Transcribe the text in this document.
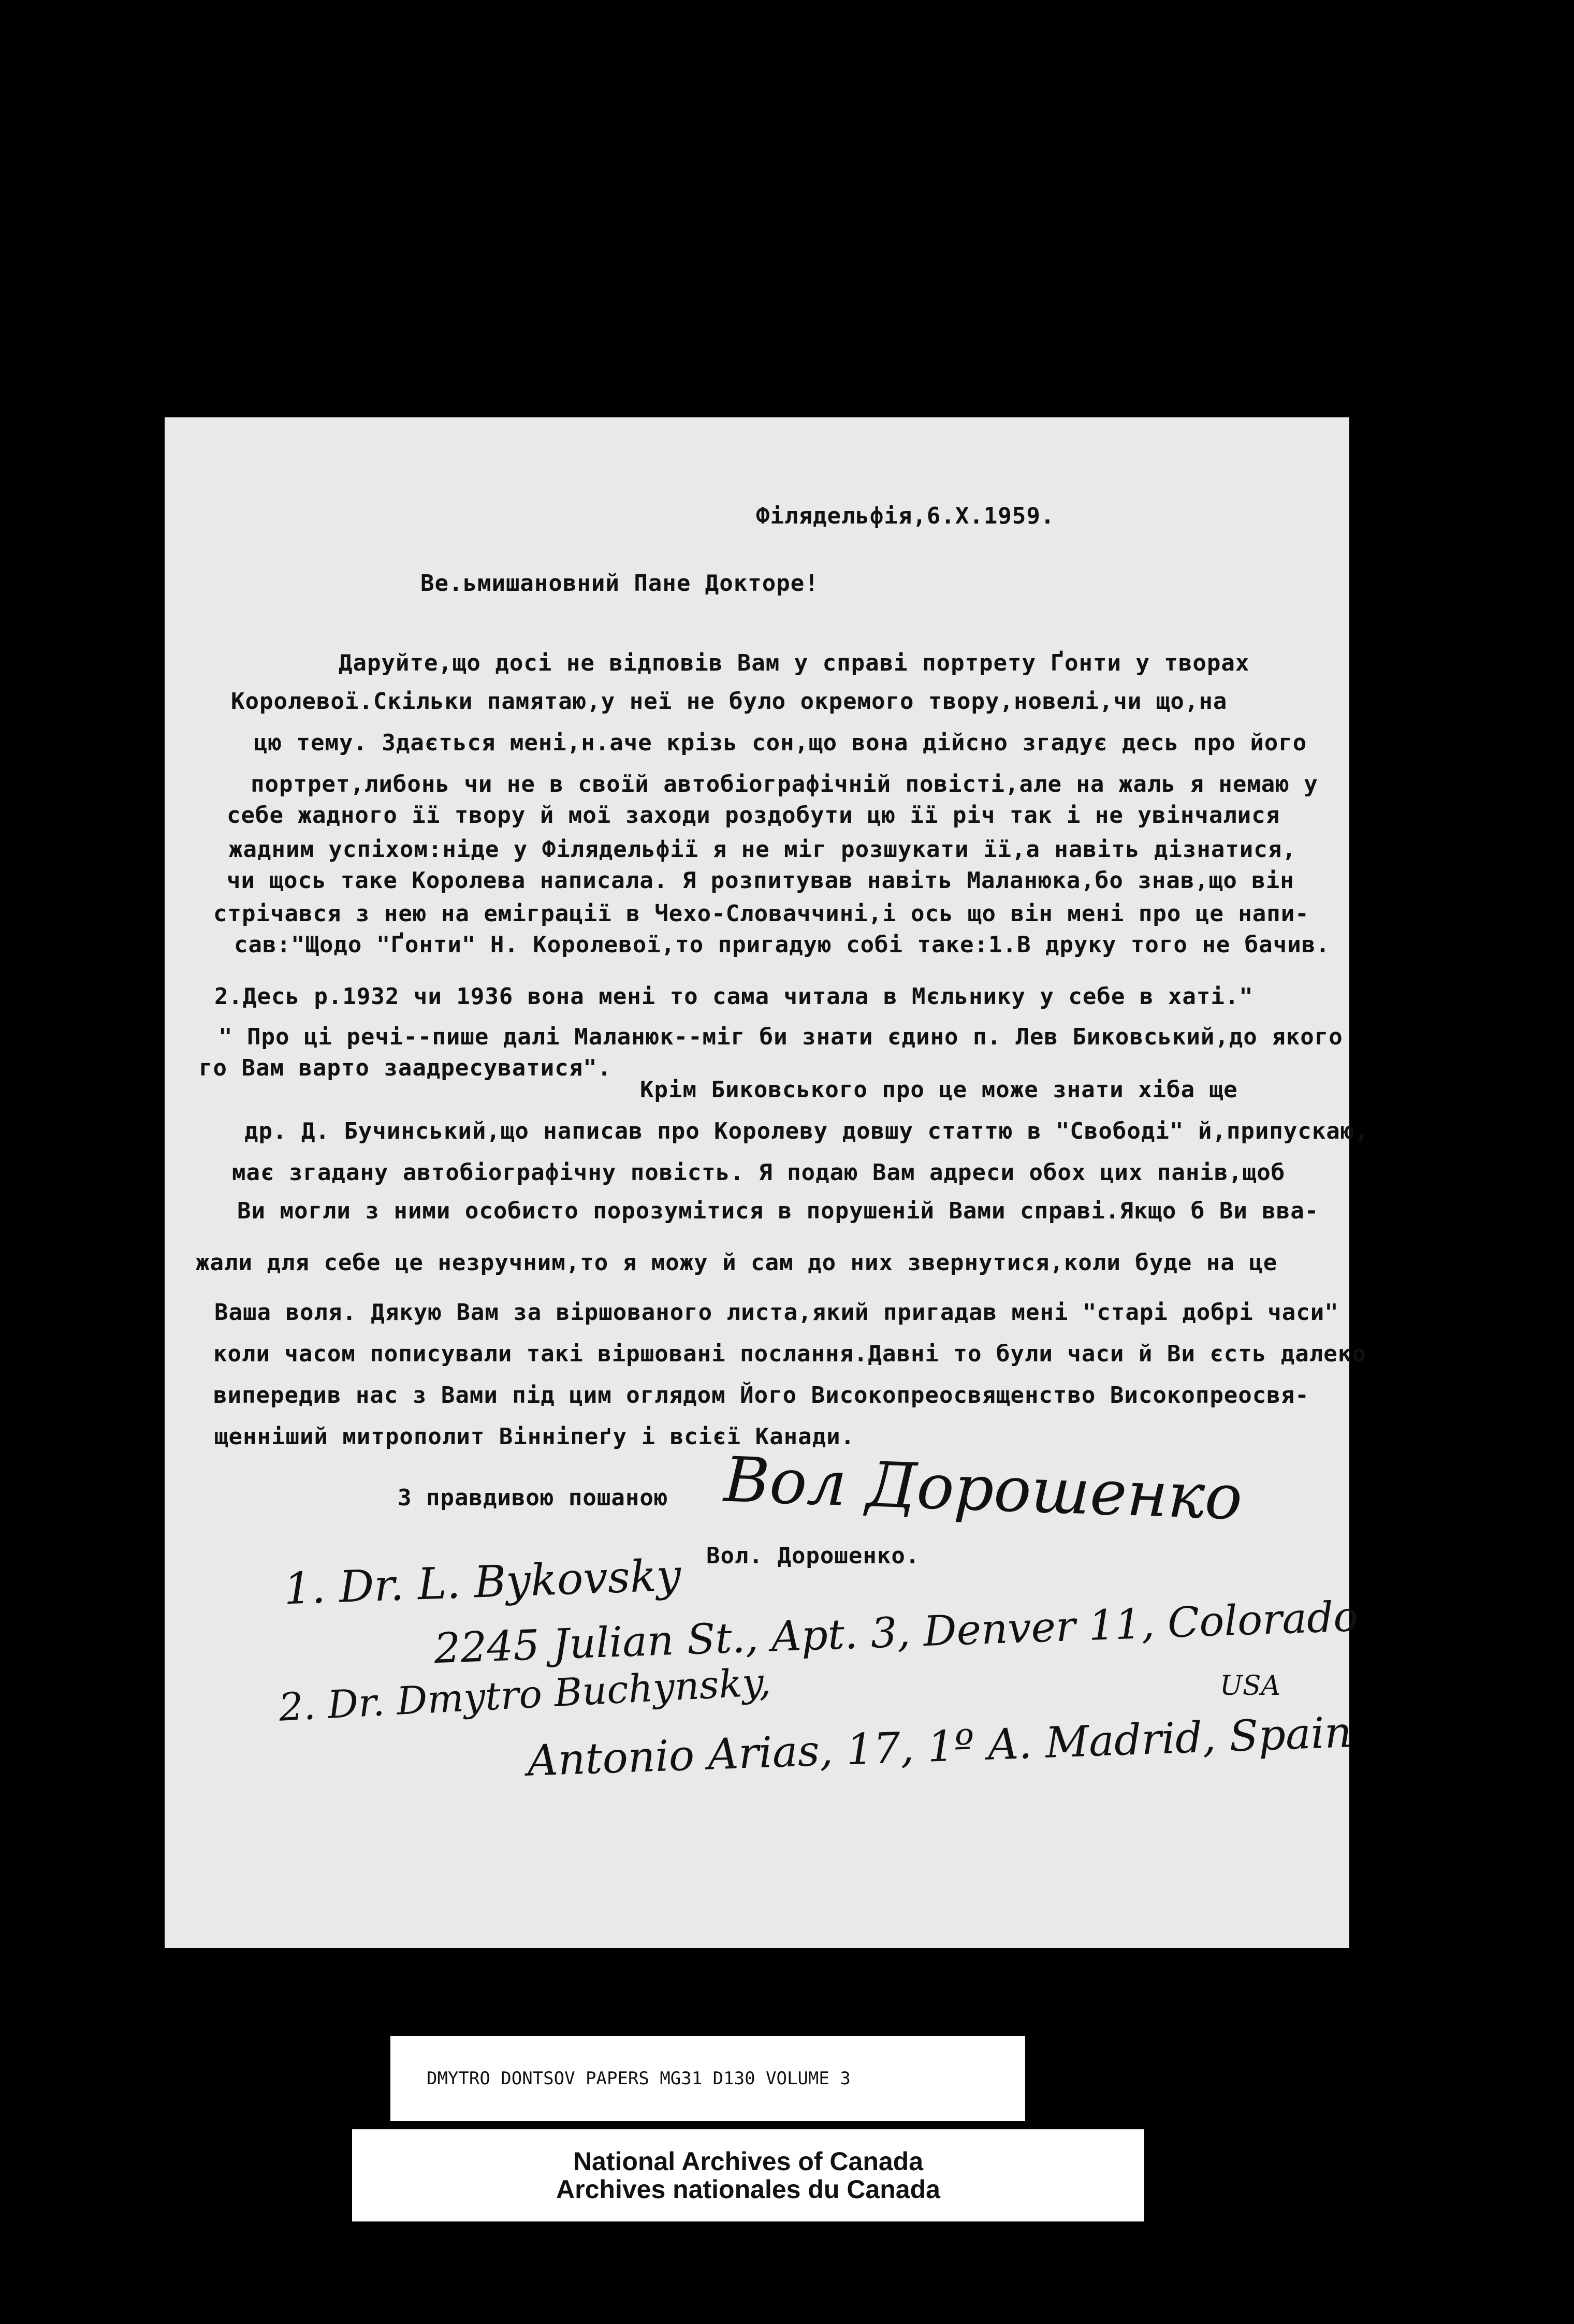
Філядельфія,6.Х.1959.
Ве.ьмишановний Пане Докторе!
Даруйте,що досі не відповів Вам у справі портрету Ґонти у творах
Королевої.Скільки памятаю,у неї не було окремого твору,новелі,чи що,на
цю тему. Здається мені,н.аче крізь сон,що вона дійсно згадує десь про його
портрет,либонь чи не в своїй автобіографічній повісті,але на жаль я немаю у
себе жадного її твору й мої заходи роздобути цю її річ так і не увінчалися
жадним успіхом:ніде у Філядельфії я не міг розшукати її,а навіть дізнатися,
чи щось таке Королева написала. Я розпитував навіть Маланюка,бо знав,що він
стрічався з нею на еміграції в Чехо-Словаччині,і ось що він мені про це напи-
сав:"Щодо "Ґонти" Н. Королевої,то пригадую собі таке:1.В друку того не бачив.
2.Десь р.1932 чи 1936 вона мені то сама читала в Мєльнику у себе в хаті."
" Про ці речі--пише далі Маланюк--міг би знати єдино п. Лев Биковський,до якого
го Вам варто заадресуватися".
Крім Биковського про це може знати хіба ще
др. Д. Бучинський,що написав про Королеву довшу статтю в "Свободі" й,припускаю,
має згадану автобіографічну повість. Я подаю Вам адреси обох цих панів,щоб
Ви могли з ними особисто порозумітися в порушеній Вами справі.Якщо б Ви вва-
жали для себе це незручним,то я можу й сам до них звернутися,коли буде на це
Ваша воля. Дякую Вам за віршованого листа,який пригадав мені "старі добрі часи"
коли часом пописували такі віршовані послання.Давні то були часи й Ви єсть далеко
випередив нас з Вами під цим оглядом Його Високопреосвященство Високопреосвя-
щенніший митрополит Вінніпеґу і всієї Канади.
З правдивою пошаною Вол Дорошенко
Вол. Дорошенко.
1. Dr. L. Bykovsky
2245 Julian St., Apt. 3, Denver 11, Colorado
USA
2. Dr. Dmytro Buchynsky,
Antonio Arias, 17, 1º A. Madrid, Spain
DMYTRO DONTSOV PAPERS MG31 D130 VOLUME 3
National Archives of Canada
Archives nationales du Canada
